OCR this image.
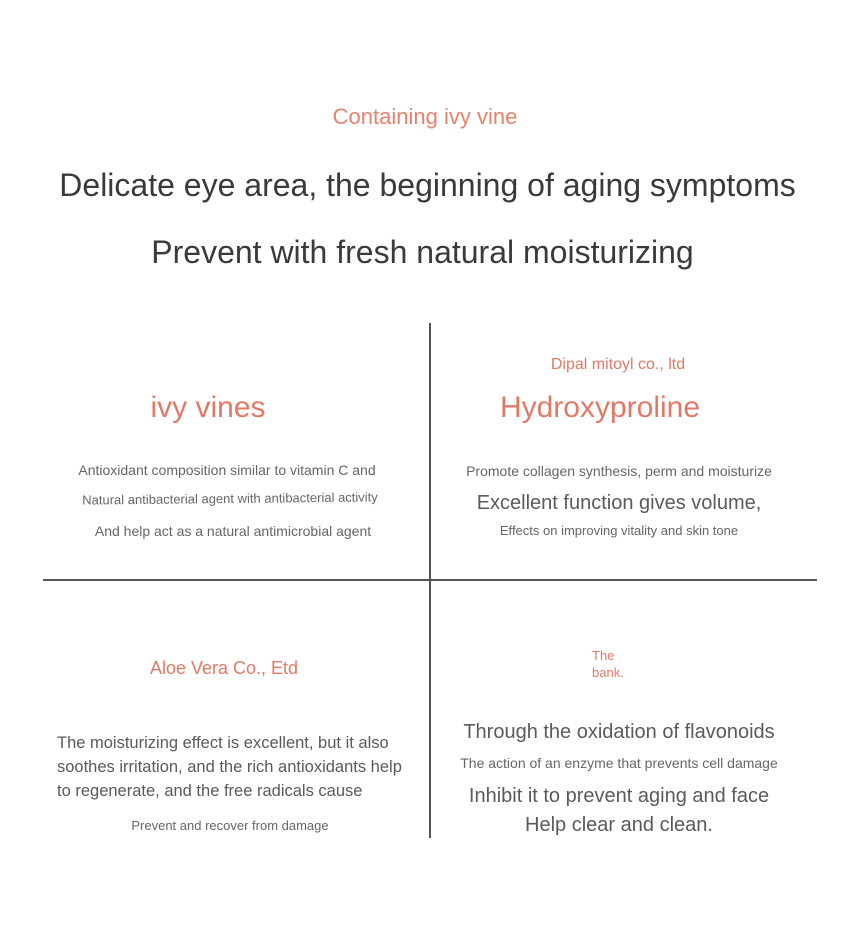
Containing ivy vine
Delicate eye area, the beginning of aging symptoms
Prevent with fresh natural moisturizing
ivy vines
Antioxidant composition similar to vitamin C and
Natural antibacterial agent with antibacterial activity
And help act as a natural antimicrobial agent
Dipal mitoyl co., ltd
Hydroxyproline
Promote collagen synthesis, perm and moisturize
Excellent function gives volume,
Effects on improving vitality and skin tone
Aloe Vera Co., Etd
The moisturizing effect is excellent, but it also soothes irritation, and the rich antioxidants help to regenerate, and the free radicals cause
Prevent and recover from damage
The
bank.
Through the oxidation of flavonoids
The action of an enzyme that prevents cell damage
Inhibit it to prevent aging and face
Help clear and clean.
